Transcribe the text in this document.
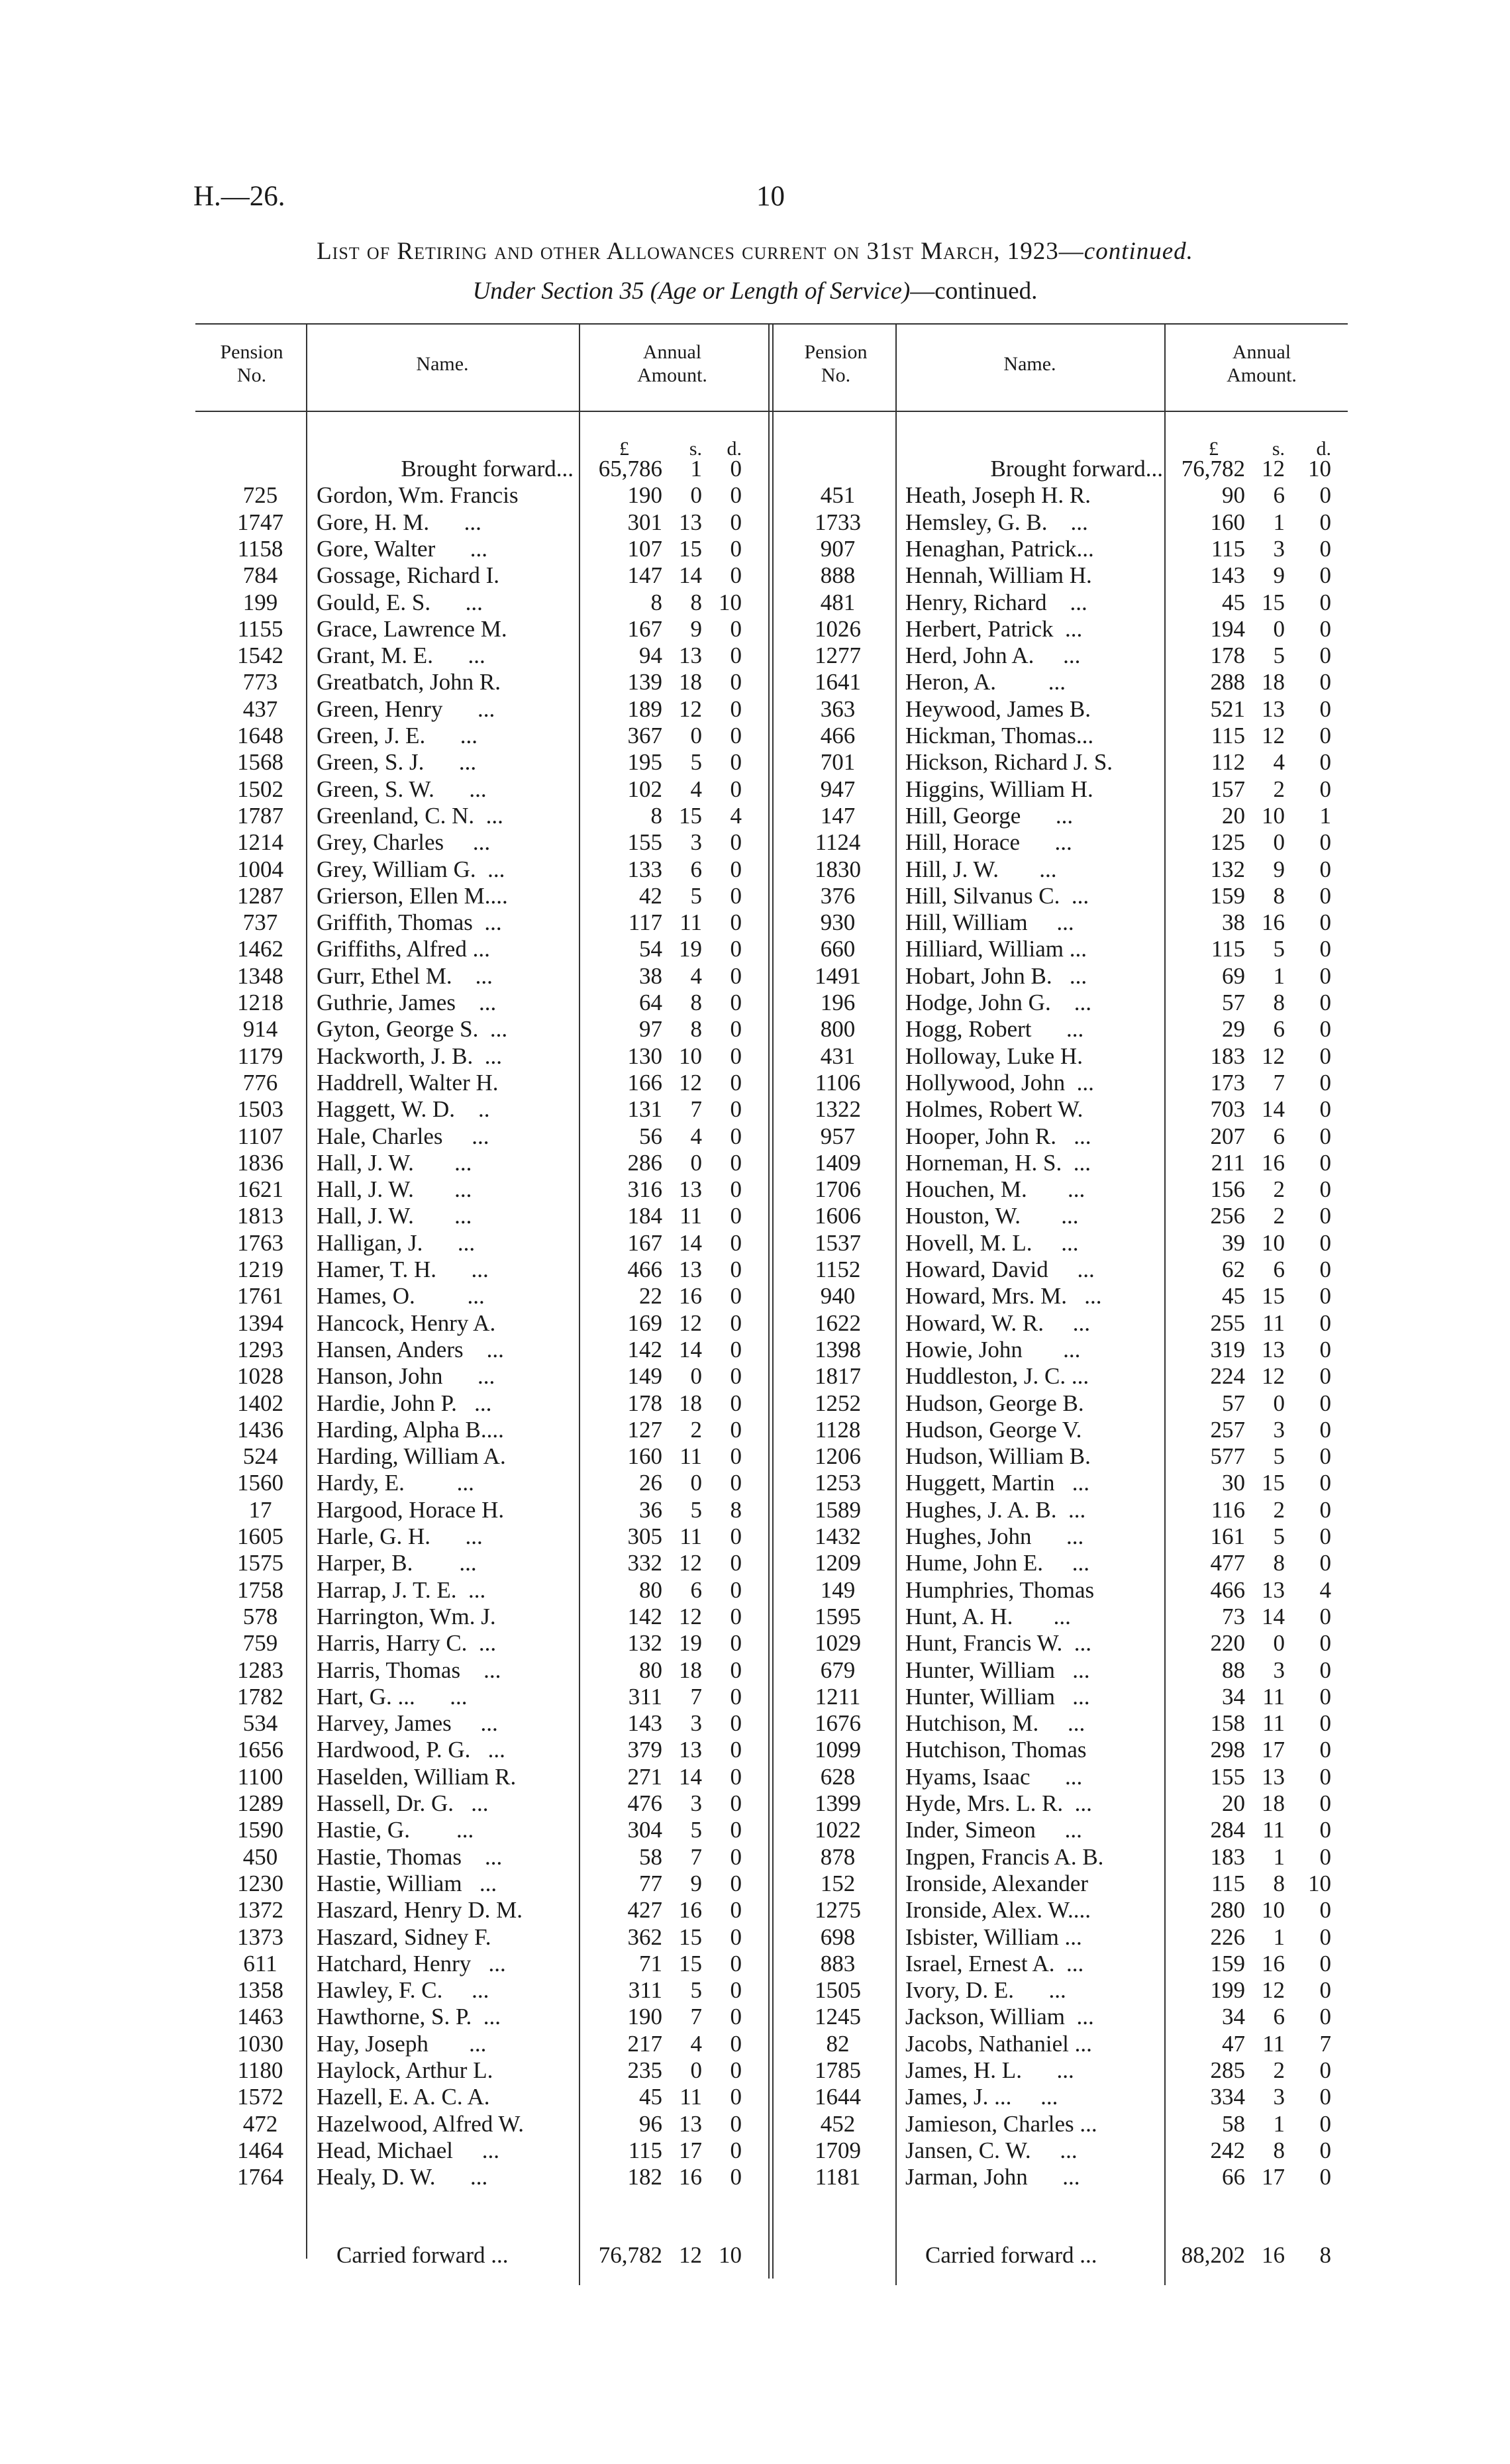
H.—26.	10
List of Retiring and other Allowances current on 31st March, 1923—continued.
Under Section 35 (Age or Length of Service)—continued.
Pension
No.
Name.
Annual
Amount.
£	s.	d.
Brought forward...	65,786	1	0
725	Gordon, Wm. Francis	190	0	0
1747	Gore, H. M.      ...	301 13	0
1158	Gore, Walter      ...	107 15	0
784	Gossage, Richard I.	147 14	0
199	Gould, E. S.      ...	8	8 10
1155	Grace, Lawrence M.	167	9	0
1542	Grant, M. E.      ...	94 13	0
773	Greatbatch, John R.	139 18	0
437	Green, Henry      ...	189 12	0
1648	Green, J. E.      ...	367	0	0
1568	Green, S. J.      ...	195	5	0
1502	Green, S. W.      ...	102	4	0
1787	Greenland, C. N.  ...	8 15	4
1214	Grey, Charles     ...	155	3	0
1004	Grey, William G.  ...	133	6	0
1287	Grierson, Ellen M....	42	5	0
737	Griffith, Thomas  ...	117 11	0
1462	Griffiths, Alfred ...	54 19	0
1348	Gurr, Ethel M.    ...	38	4	0
1218	Guthrie, James    ...	64	8	0
914	Gyton, George S.  ...	97	8	0
1179	Hackworth, J. B.  ...	130 10	0
776	Haddrell, Walter H.	166 12	0
1503	Haggett, W. D.    ..	131	7	0
1107	Hale, Charles     ...	56	4	0
1836	Hall, J. W.       ...	286	0	0
1621	Hall, J. W.       ...	316 13	0
1813	Hall, J. W.       ...	184 11	0
1763	Halligan, J.      ...	167 14	0
1219	Hamer, T. H.      ...	466 13	0
1761	Hames, O.         ...	22 16	0
1394	Hancock, Henry A.	169 12	0
1293	Hansen, Anders    ...	142 14	0
1028	Hanson, John      ...	149	0	0
1402	Hardie, John P.   ...	178 18	0
1436	Harding, Alpha B....	127	2	0
524	Harding, William A.	160 11	0
1560	Hardy, E.         ...	26	0	0
17	Hargood, Horace H.	36	5	8
1605	Harle, G. H.      ...	305 11	0
1575	Harper, B.        ...	332 12	0
1758	Harrap, J. T. E.  ...	80	6	0
578	Harrington, Wm. J.	142 12	0
759	Harris, Harry C.  ...	132 19	0
1283	Harris, Thomas    ...	80 18	0
1782	Hart, G. ...      ...	311	7	0
534	Harvey, James     ...	143	3	0
1656	Hardwood, P. G.   ...	379 13	0
1100	Haselden, William R.	271 14	0
1289	Hassell, Dr. G.   ...	476	3	0
1590	Hastie, G.        ...	304	5	0
450	Hastie, Thomas    ...	58	7	0
1230	Hastie, William   ...	77	9	0
1372	Haszard, Henry D. M.	427 16	0
1373	Haszard, Sidney F.	362 15	0
611	Hatchard, Henry   ...	71 15	0
1358	Hawley, F. C.     ...	311	5	0
1463	Hawthorne, S. P.  ...	190	7	0
1030	Hay, Joseph       ...	217	4	0
1180	Haylock, Arthur L.	235	0	0
1572	Hazell, E. A. C. A.	45 11	0
472	Hazelwood, Alfred W.	96 13	0
1464	Head, Michael     ...	115 17	0
1764	Healy, D. W.      ...	182 16	0
Carried forward ...	76,782 12 10
Pension
No.
Name.
Annual
Amount.
£	s.	d.
Brought forward... 76,782 12	10
451	Heath, Joseph H. R.	90	6	0
1733	Hemsley, G. B.    ...	160	1	0
907	Henaghan, Patrick...	115	3	0
888	Hennah, William H.	143	9	0
481	Henry, Richard    ...	45 15	0
1026	Herbert, Patrick  ...	194	0	0
1277	Herd, John A.     ...	178	5	0
1641	Heron, A.         ...	288 18	0
363	Heywood, James B.	521 13	0
466	Hickman, Thomas...	115 12	0
701	Hickson, Richard J. S.	112	4	0
947	Higgins, William H.	157	2	0
147	Hill, George      ...	20 10	1
1124	Hill, Horace      ...	125	0	0
1830	Hill, J. W.       ...	132	9	0
376	Hill, Silvanus C.  ...	159	8	0
930	Hill, William     ...	38 16	0
660	Hilliard, William ...	115	5	0
1491	Hobart, John B.   ...	69	1	0
196	Hodge, John G.    ...	57	8	0
800	Hogg, Robert      ...	29	6	0
431	Holloway, Luke H.	183 12	0
1106	Hollywood, John  ...	173	7	0
1322	Holmes, Robert W.	703 14	0
957	Hooper, John R.   ...	207	6	0
1409	Horneman, H. S.  ...	211 16	0
1706	Houchen, M.       ...	156	2	0
1606	Houston, W.       ...	256	2	0
1537	Hovell, M. L.     ...	39 10	0
1152	Howard, David     ...	62	6	0
940	Howard, Mrs. M.   ...	45 15	0
1622	Howard, W. R.     ...	255 11	0
1398	Howie, John       ...	319 13	0
1817	Huddleston, J. C. ...	224 12	0
1252	Hudson, George B.	57	0	0
1128	Hudson, George V.	257	3	0
1206	Hudson, William B.	577	5	0
1253	Huggett, Martin   ...	30 15	0
1589	Hughes, J. A. B.  ...	116	2	0
1432	Hughes, John      ...	161	5	0
1209	Hume, John E.     ...	477	8	0
149	Humphries, Thomas	466 13	4
1595	Hunt, A. H.       ...	73 14	0
1029	Hunt, Francis W.  ...	220	0	0
679	Hunter, William   ...	88	3	0
1211	Hunter, William   ...	34 11	0
1676	Hutchison, M.     ...	158 11	0
1099	Hutchison, Thomas	298 17	0
628	Hyams, Isaac      ...	155 13	0
1399	Hyde, Mrs. L. R.  ...	20 18	0
1022	Inder, Simeon     ...	284 11	0
878	Ingpen, Francis A. B.	183	1	0
152	Ironside, Alexander	115	8	10
1275	Ironside, Alex. W....	280 10	0
698	Isbister, William ...	226	1	0
883	Israel, Ernest A.  ...	159 16	0
1505	Ivory, D. E.      ...	199 12	0
1245	Jackson, William  ...	34	6	0
82	Jacobs, Nathaniel ...	47 11	7
1785	James, H. L.      ...	285	2	0
1644	James, J. ...     ...	334	3	0
452	Jamieson, Charles ...	58	1	0
1709	Jansen, C. W.     ...	242	8	0
1181	Jarman, John      ...	66 17	0
Carried forward ...	88,202 16	8
